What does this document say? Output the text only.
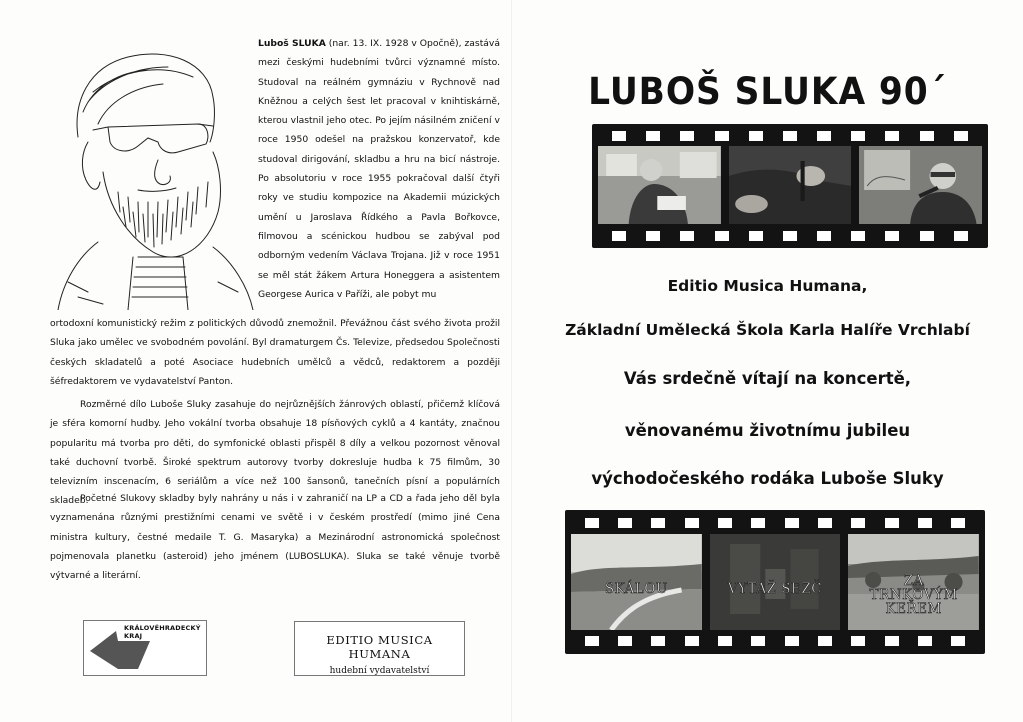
Luboš SLUKA (nar. 13. IX. 1928 v Opočně), zastává mezi českými hudebními tvůrci významné místo. Studoval na reálném gymnáziu v Rychnově nad Kněžnou a celých šest let pracoval v knihtiskárně, kterou vlastnil jeho otec. Po jejím násilném zničení v roce 1950 odešel na pražskou konzervatoř, kde studoval dirigování, skladbu a hru na bicí nástroje. Po absolutoriu v roce 1955 pokračoval další čtyři roky ve studiu kompozice na Akademii múzických umění u Jaroslava Řídkého a Pavla Bořkovce, filmovou a scénickou hudbou se zabýval pod odborným vedením Václava Trojana. Již v roce 1951 se měl stát žákem Artura Honeggera a asistentem Georgese Aurica v Paříži, ale pobyt mu

ortodoxní komunistický režim z politických důvodů znemožnil. Převážnou část svého života prožil Sluka jako umělec ve svobodném povolání. Byl dramaturgem Čs. Televize, předsedou Společnosti českých skladatelů a poté Asociace hudebních umělců a vědců, redaktorem a později šéfredaktorem ve vydavatelství Panton.

Rozměrné dílo Luboše Sluky zasahuje do nejrůznějších žánrových oblastí, přičemž klíčová je sféra komorní hudby. Jeho vokální tvorba obsahuje 18 písňových cyklů a 4 kantáty, značnou popularitu má tvorba pro děti, do symfonické oblasti přispěl 8 díly a velkou pozornost věnoval také duchovní tvorbě. Široké spektrum autorovy tvorby dokresluje hudba k 75 filmům, 30 televizním inscenacím, 6 seriálům a více než 100 šansonů, tanečních písní a populárních skladeb.

Početné Slukovy skladby byly nahrány u nás i v zahraničí na LP a CD a řada jeho děl byla vyznamenána různými prestižními cenami ve světě i v českém prostředí (mimo jiné Cena ministra kultury, čestné medaile T. G. Masaryka) a Mezinárodní astronomická společnost pojmenovala planetku (asteroid) jeho jménem (LUBOSLUKA). Sluka se také věnuje tvorbě výtvarné a literární.

KRÁLOVÉHRADECKÝ
KRAJ	EDITIO MUSICA HUMANA
hudební vydavatelství
LUBOŠ SLUKA 90´
Editio Musica Humana,
Základní Umělecká Škola Karla Halíře Vrchlabí
Vás srdečně vítají na koncertě,
věnovanému životnímu jubileu
východočeského rodáka Luboše Sluky
SKÁLOU	VYTAŽ SEZČ	ZA TRNKOVÝM KEŘEM
